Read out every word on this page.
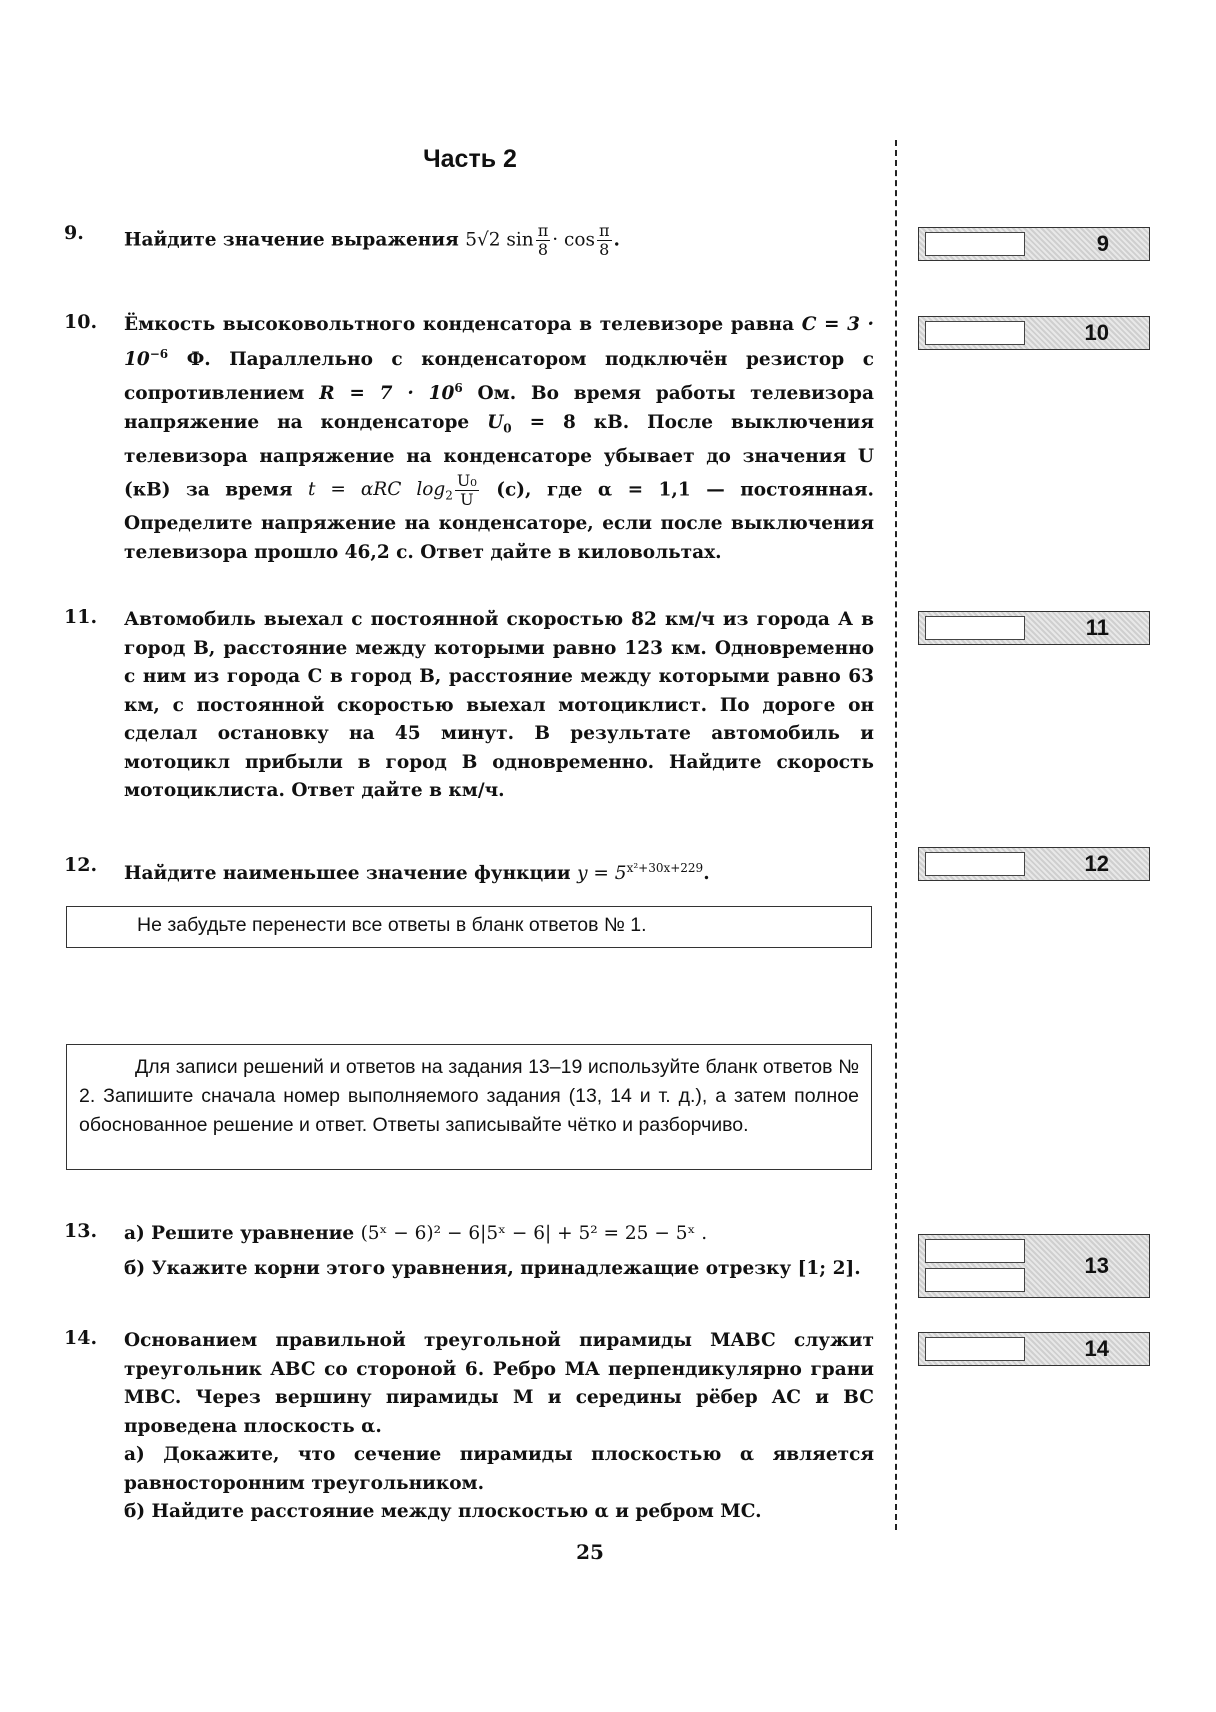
Часть 2
9. Найдите значение выражения 5√2 $\sin \frac{\pi}{8} \cdot \cos \frac{\pi}{8}$ .
10. Ёмкость высоковольтного конденсатора в телевизоре равна $C = 3 \cdot 10^{-6}$ Ф. Параллельно с конденсатором подключён резистор с сопротивлением $R = 7 \cdot 10^6$ Ом. Во время работы телевизора напряжение на конденсаторе $U_0 = 8$ кВ. После выключения телевизора напряжение на конденсаторе убывает до значения U (кВ) за время t = αRC $\log_2 \frac{\text{U₀}}{U} (с)$, где α = 1,1 — постоянная. Определите напряжение на конденсаторе, если после выключения телевизора прошло 46,2 с. Ответ дайте в киловольтах.
11. Автомобиль выехал с постоянной скоростью 82 км/ч из города А в город В, расстояние между которыми равно 123 км. Одновременно с ним из города С в город В, расстояние между которыми равно 63 км, с постоянной скоростью выехал мотоциклист. По дороге он сделал остановку на 45 минут. В результате автомобиль и мотоцикл прибыли в город В одновременно. Найдите скорость мотоциклиста. Ответ дайте в км/ч.
12. Найдите наименьшее значение функции $y = 5^{x^2+30x+229}$.
Не забудьте перенести все ответы в бланк ответов № 1.
Для записи решений и ответов на задания 13–19 используйте бланк ответов № 2. Запишите сначала номер выполняемого задания (13, 14 и т. д.), а затем полное обоснованное решение и ответ. Ответы записывайте чётко и разборчиво.
13. а) Решите уравнение (5ˣ − 6)² − 6|5ˣ − 6| + 5² = 25 − 5ˣ .
б) Укажите корни этого уравнения, принадлежащие отрезку [1; 2].
14. Основанием правильной треугольной пирамиды MABC служит треугольник ABC со стороной 6. Ребро MA перпендикулярно грани MBC. Через вершину пирамиды M и середины рёбер AC и BC проведена плоскость α.
а) Докажите, что сечение пирамиды плоскостью α является равносторонним треугольником.
б) Найдите расстояние между плоскостью α и ребром MC.
9
10
11
12
13
14
25
